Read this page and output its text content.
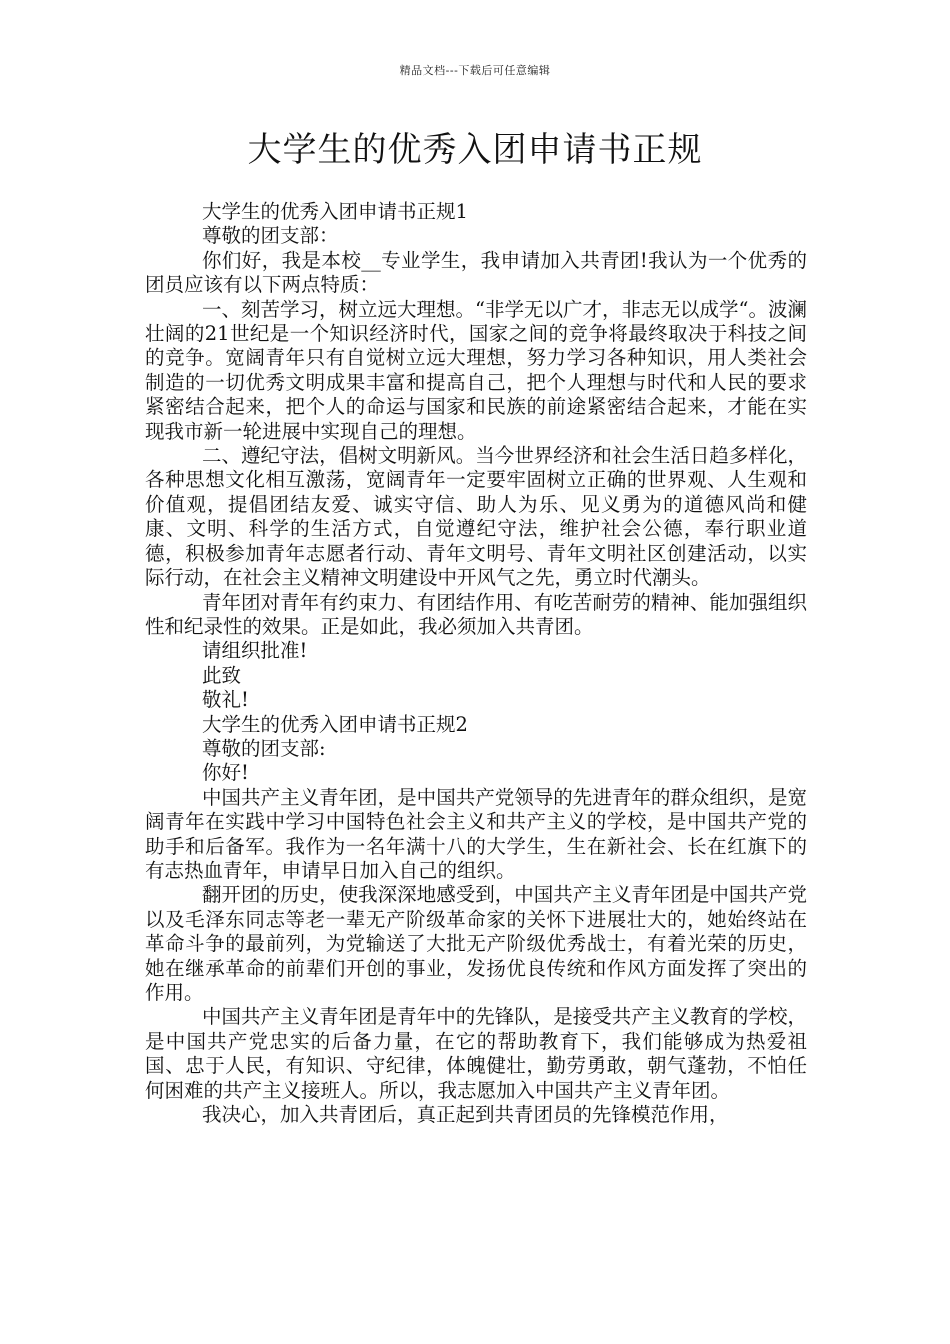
精品文档---下载后可任意编辑
大学生的优秀入团申请书正规

大学生的优秀入团申请书正规1

尊敬的团支部：

你们好，我是本校__专业学生，我申请加入共青团!我认为一个优秀的团员应该有以下两点特质：

一、刻苦学习，树立远大理想。“非学无以广才，非志无以成学“。波澜壮阔的21世纪是一个知识经济时代，国家之间的竞争将最终取决于科技之间的竞争。宽阔青年只有自觉树立远大理想，努力学习各种知识，用人类社会制造的一切优秀文明成果丰富和提高自己，把个人理想与时代和人民的要求紧密结合起来，把个人的命运与国家和民族的前途紧密结合起来，才能在实现我市新一轮进展中实现自己的理想。

二、遵纪守法，倡树文明新风。当今世界经济和社会生活日趋多样化，各种思想文化相互激荡，宽阔青年一定要牢固树立正确的世界观、人生观和价值观，提倡团结友爱、诚实守信、助人为乐、见义勇为的道德风尚和健康、文明、科学的生活方式，自觉遵纪守法，维护社会公德，奉行职业道德，积极参加青年志愿者行动、青年文明号、青年文明社区创建活动，以实际行动，在社会主义精神文明建设中开风气之先，勇立时代潮头。

青年团对青年有约束力、有团结作用、有吃苦耐劳的精神、能加强组织性和纪录性的效果。正是如此，我必须加入共青团。

请组织批准!

此致

敬礼!

大学生的优秀入团申请书正规2

尊敬的团支部:

你好!

中国共产主义青年团，是中国共产党领导的先进青年的群众组织，是宽阔青年在实践中学习中国特色社会主义和共产主义的学校，是中国共产党的助手和后备军。我作为一名年满十八的大学生，生在新社会、长在红旗下的有志热血青年，申请早日加入自己的组织。

翻开团的历史，使我深深地感受到，中国共产主义青年团是中国共产党以及毛泽东同志等老一辈无产阶级革命家的关怀下进展壮大的，她始终站在革命斗争的最前列，为党输送了大批无产阶级优秀战士，有着光荣的历史，她在继承革命的前辈们开创的事业，发扬优良传统和作风方面发挥了突出的作用。

中国共产主义青年团是青年中的先锋队，是接受共产主义教育的学校，是中国共产党忠实的后备力量，在它的帮助教育下，我们能够成为热爱祖国、忠于人民，有知识、守纪律，体魄健壮，勤劳勇敢，朝气蓬勃，不怕任何困难的共产主义接班人。所以，我志愿加入中国共产主义青年团。

我决心，加入共青团后，真正起到共青团员的先锋模范作用，
